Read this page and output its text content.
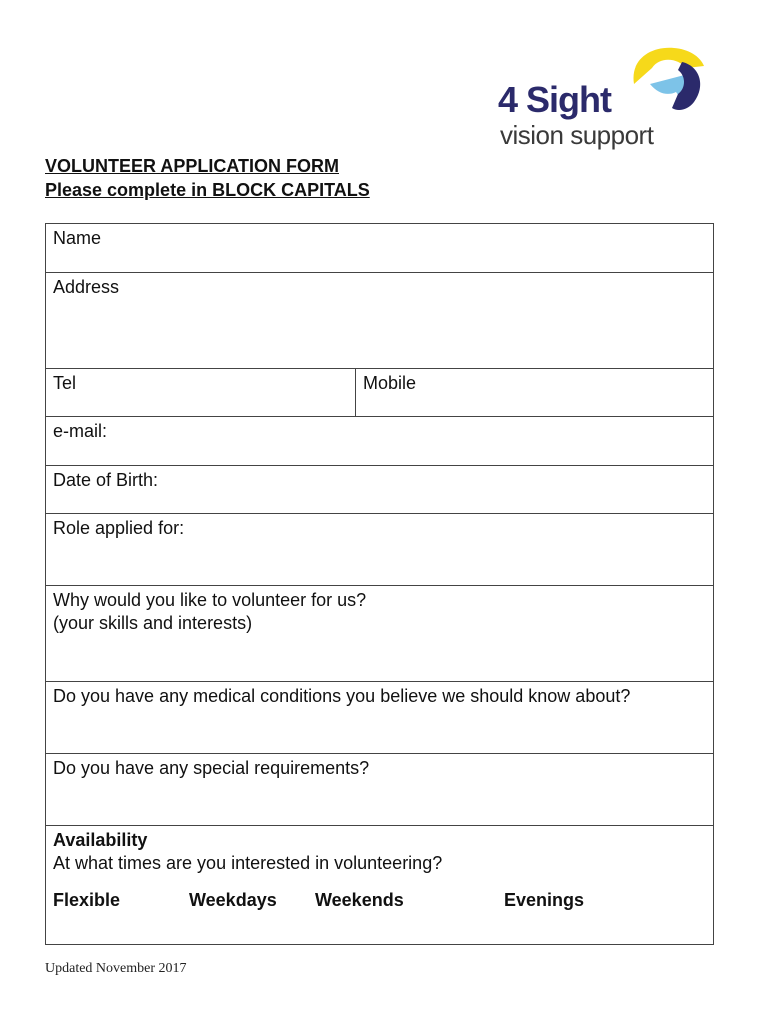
4 Sight
vision support
VOLUNTEER APPLICATION FORM
Please complete in BLOCK CAPITALS
Name
Address
Tel	Mobile
e-mail:
Date of Birth:
Role applied for:
Why would you like to volunteer for us?
(your skills and interests)
Do you have any medical conditions you believe we should know about?
Do you have any special requirements?
Availability
At what times are you interested in volunteering?
Flexible	Weekdays Weekends	Evenings
Updated November 2017
